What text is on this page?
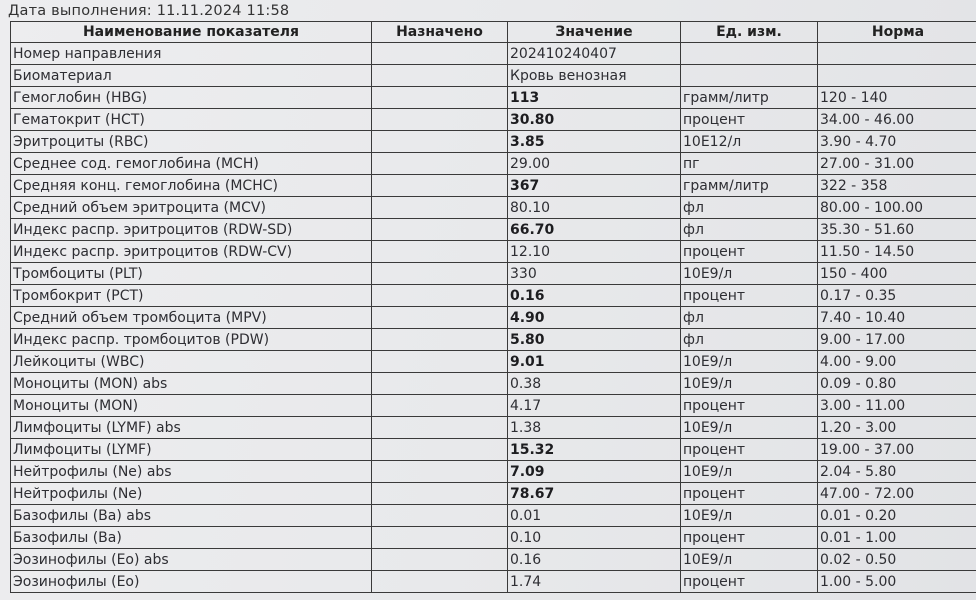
Дата выполнения: 11.11.2024 11:58
Наименование показателя	Назначено	Значение	Ед. изм.	Норма
Номер направления		202410240407		
Биоматериал		Кровь венозная		
Гемоглобин (HBG)		113	грамм/литр	120 - 140
Гематокрит (HCT)		30.80	процент	34.00 - 46.00
Эритроциты (RBC)		3.85	10E12/л	3.90 - 4.70
Среднее сод. гемоглобина (MCH)		29.00	пг	27.00 - 31.00
Средняя конц. гемоглобина (MCHC)		367	грамм/литр	322 - 358
Средний объем эритроцита (MCV)		80.10	фл	80.00 - 100.00
Индекс распр. эритроцитов (RDW-SD)		66.70	фл	35.30 - 51.60
Индекс распр. эритроцитов (RDW-CV)		12.10	процент	11.50 - 14.50
Тромбоциты (PLT)		330	10E9/л	150 - 400
Тромбокрит (PCT)		0.16	процент	0.17 - 0.35
Средний объем тромбоцита (MPV)		4.90	фл	7.40 - 10.40
Индекс распр. тромбоцитов (PDW)		5.80	фл	9.00 - 17.00
Лейкоциты (WBC)		9.01	10E9/л	4.00 - 9.00
Моноциты (MON) abs		0.38	10E9/л	0.09 - 0.80
Моноциты (MON)		4.17	процент	3.00 - 11.00
Лимфоциты (LYMF) abs		1.38	10E9/л	1.20 - 3.00
Лимфоциты (LYMF)		15.32	процент	19.00 - 37.00
Нейтрофилы (Ne) abs		7.09	10E9/л	2.04 - 5.80
Нейтрофилы (Ne)		78.67	процент	47.00 - 72.00
Базофилы (Ba) abs		0.01	10E9/л	0.01 - 0.20
Базофилы (Ba)		0.10	процент	0.01 - 1.00
Эозинофилы (Eo) abs		0.16	10E9/л	0.02 - 0.50
Эозинофилы (Eo)		1.74	процент	1.00 - 5.00
